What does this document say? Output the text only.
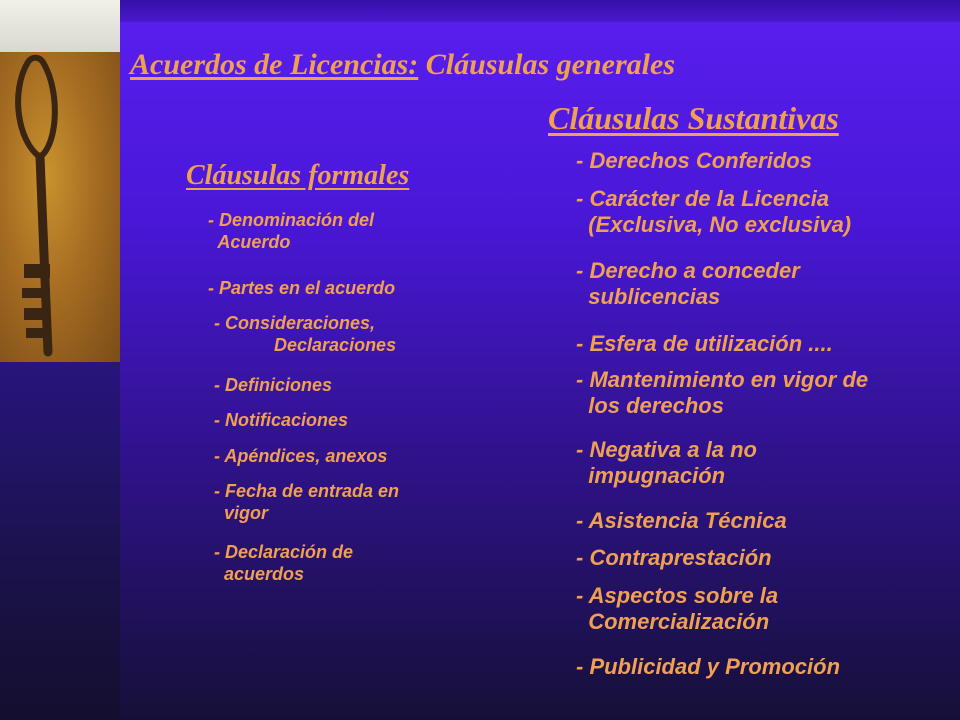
Acuerdos de Licencias: Cláusulas generales
Cláusulas formales
- Denominación del
Acuerdo
- Partes en el acuerdo
- Consideraciones,
Declaraciones
- Definiciones
- Notificaciones
- Apéndices, anexos
- Fecha de entrada en
vigor
- Declaración de
acuerdos
Cláusulas Sustantivas
- Derechos Conferidos
- Carácter de la Licencia
(Exclusiva, No exclusiva)
- Derecho a conceder
sublicencias
- Esfera de utilización ....
- Mantenimiento en vigor de
los derechos
- Negativa a la no
impugnación
- Asistencia Técnica
- Contraprestación
- Aspectos sobre la
Comercialización
- Publicidad y Promoción
